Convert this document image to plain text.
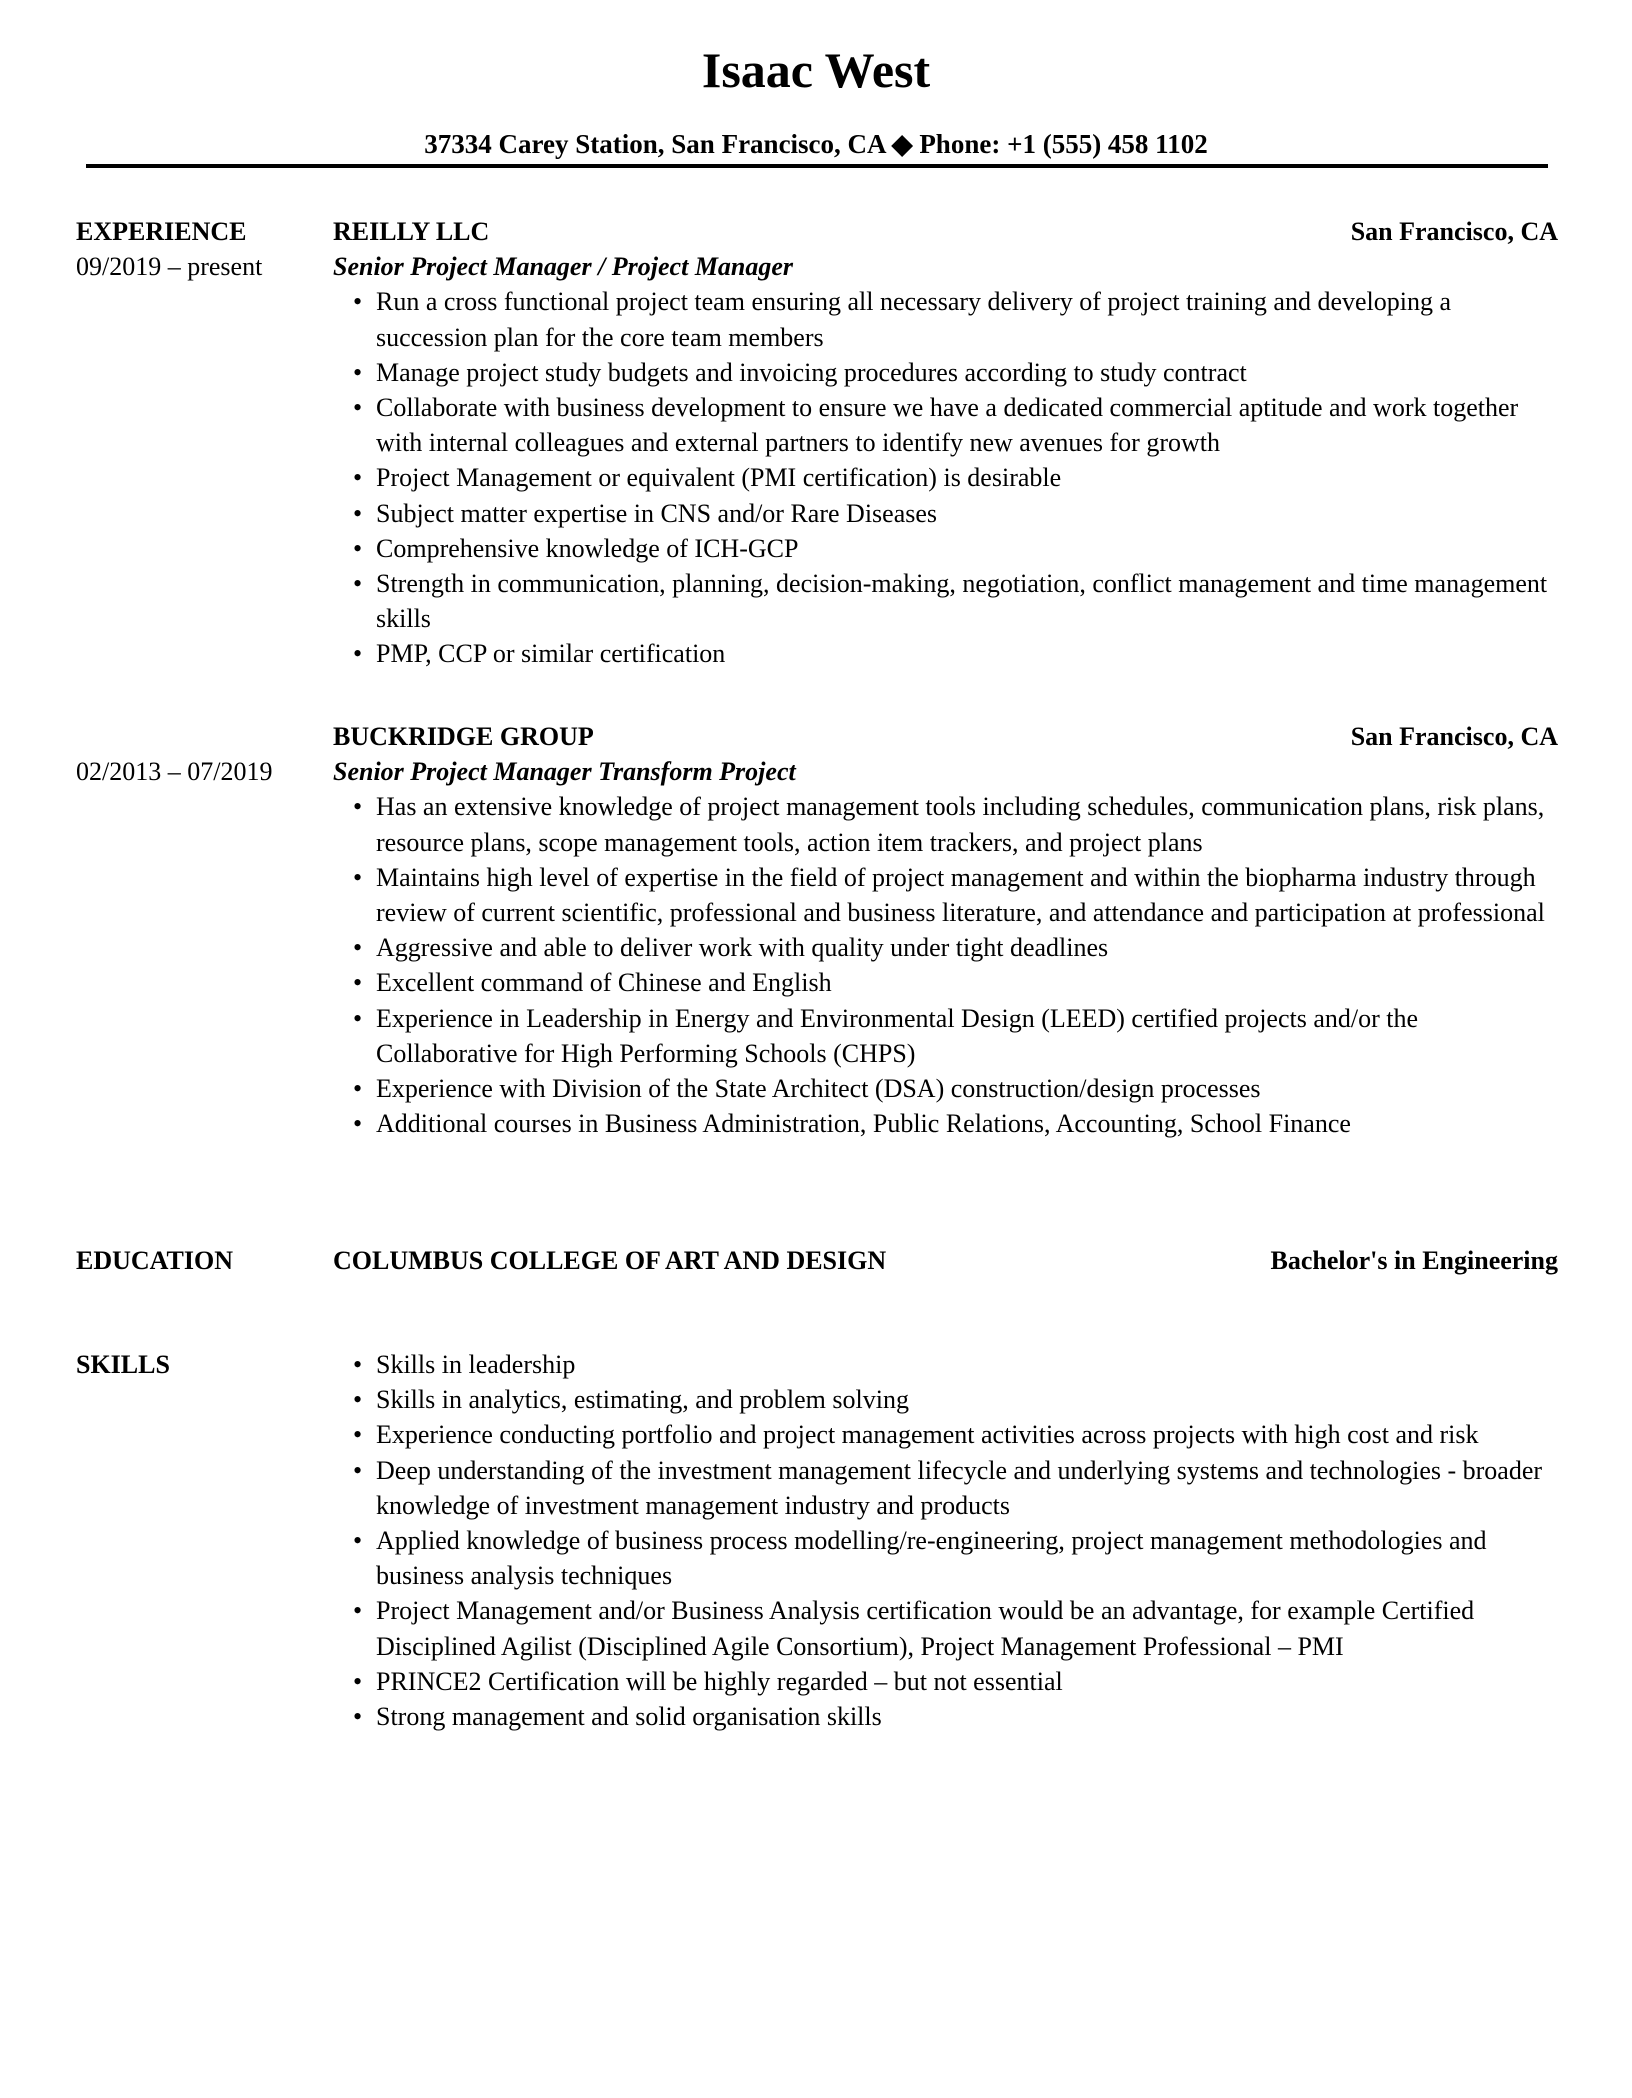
Isaac West
37334 Carey Station, San Francisco, CA ◆ Phone: +1 (555) 458 1102
EXPERIENCE
09/2019 – present
REILLY LLC	San Francisco, CA
Senior Project Manager / Project Manager
• Run a cross functional project team ensuring all necessary delivery of project training and developing a succession plan for the core team members
• Manage project study budgets and invoicing procedures according to study contract
• Collaborate with business development to ensure we have a dedicated commercial aptitude and work together with internal colleagues and external partners to identify new avenues for growth
• Project Management or equivalent (PMI certification) is desirable
• Subject matter expertise in CNS and/or Rare Diseases
• Comprehensive knowledge of ICH-GCP
• Strength in communication, planning, decision-making, negotiation, conflict management and time management skills
• PMP, CCP or similar certification

02/2013 – 07/2019
BUCKRIDGE GROUP	San Francisco, CA
Senior Project Manager Transform Project
• Has an extensive knowledge of project management tools including schedules, communication plans, risk plans, resource plans, scope management tools, action item trackers, and project plans
• Maintains high level of expertise in the field of project management and within the biopharma industry through review of current scientific, professional and business literature, and attendance and participation at professional
• Aggressive and able to deliver work with quality under tight deadlines
• Excellent command of Chinese and English
• Experience in Leadership in Energy and Environmental Design (LEED) certified projects and/or the Collaborative for High Performing Schools (CHPS)
• Experience with Division of the State Architect (DSA) construction/design processes
• Additional courses in Business Administration, Public Relations, Accounting, School Finance
EDUCATION	COLUMBUS COLLEGE OF ART AND DESIGN	Bachelor's in Engineering
SKILLS	• Skills in leadership
• Skills in analytics, estimating, and problem solving
• Experience conducting portfolio and project management activities across projects with high cost and risk
• Deep understanding of the investment management lifecycle and underlying systems and technologies - broader knowledge of investment management industry and products
• Applied knowledge of business process modelling/re-engineering, project management methodologies and business analysis techniques
• Project Management and/or Business Analysis certification would be an advantage, for example Certified Disciplined Agilist (Disciplined Agile Consortium), Project Management Professional – PMI
• PRINCE2 Certification will be highly regarded – but not essential
• Strong management and solid organisation skills
